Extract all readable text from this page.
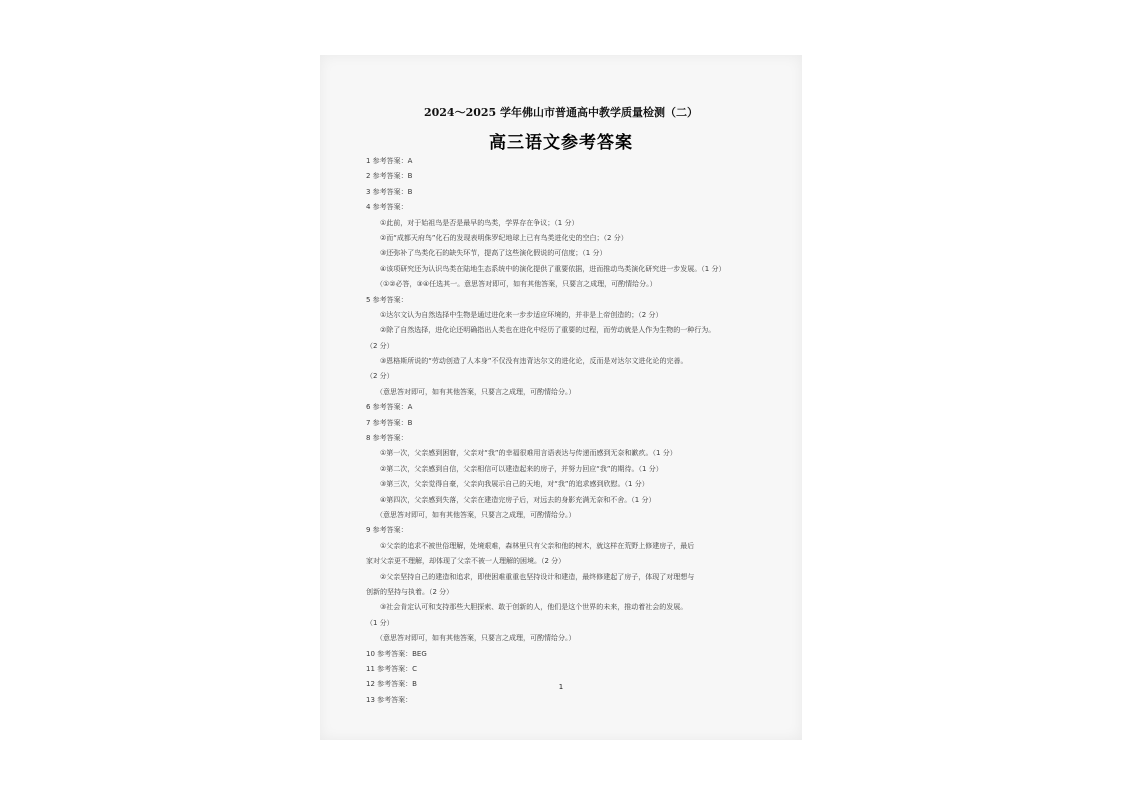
2024～2025 学年佛山市普通高中教学质量检测（二）
高三语文参考答案
1 参考答案：A
2 参考答案：B
3 参考答案：B
4 参考答案：
①此前，对于始祖鸟是否是最早的鸟类，学界存在争议；（1 分）
②而“成都天府鸟”化石的发现表明侏罗纪地球上已有鸟类进化史的空白；（2 分）
③还弥补了鸟类化石的缺失环节，提高了这些演化假说的可信度；（1 分）
④该项研究还为认识鸟类在陆地生态系统中的演化提供了重要依据，进而推动鸟类演化研究进一步发展。（1 分）
（①②必答，③④任选其一。意思答对即可，如有其他答案，只要言之成理，可酌情给分。）
5 参考答案：
①达尔文认为自然选择中生物是通过进化来一步步适应环境的，并非是上帝创造的；（2 分）
②除了自然选择，进化论还明确指出人类也在进化中经历了重要的过程，而劳动就是人作为生物的一种行为。
（2 分）
③恩格斯所说的“劳动创造了人本身”不仅没有违背达尔文的进化论，反而是对达尔文进化论的完善。
（2 分）
（意思答对即可，如有其他答案，只要言之成理，可酌情给分。）
6 参考答案：A
7 参考答案：B
8 参考答案：
①第一次，父亲感到困窘，父亲对“我”的幸福很难用言语表达与传递而感到无奈和歉疚。（1 分）
②第二次，父亲感到自信，父亲相信可以建造起来的房子，并努力回应“我”的期待。（1 分）
③第三次，父亲觉得自豪，父亲向我展示自己的天地，对“我”的追求感到欣慰。（1 分）
④第四次，父亲感到失落，父亲在建造完房子后，对远去的身影充满无奈和不舍。（1 分）
（意思答对即可，如有其他答案，只要言之成理，可酌情给分。）
9 参考答案：
①父亲的追求不被世俗理解，处境艰难，森林里只有父亲和他的树木，就这样在荒野上修建房子，最后
家对父亲更不理解，却体现了父亲不被一人理解的困境。（2 分）
②父亲坚持自己的建造和追求，即使困难重重也坚持设计和建造，最终修建起了房子，体现了对理想与
创新的坚持与执着。（2 分）
③社会肯定认可和支持那些大胆探索、敢于创新的人，他们是这个世界的未来，推动着社会的发展。
（1 分）
（意思答对即可，如有其他答案，只要言之成理，可酌情给分。）
10 参考答案：BEG
11 参考答案：C
12 参考答案：B
13 参考答案：
1
